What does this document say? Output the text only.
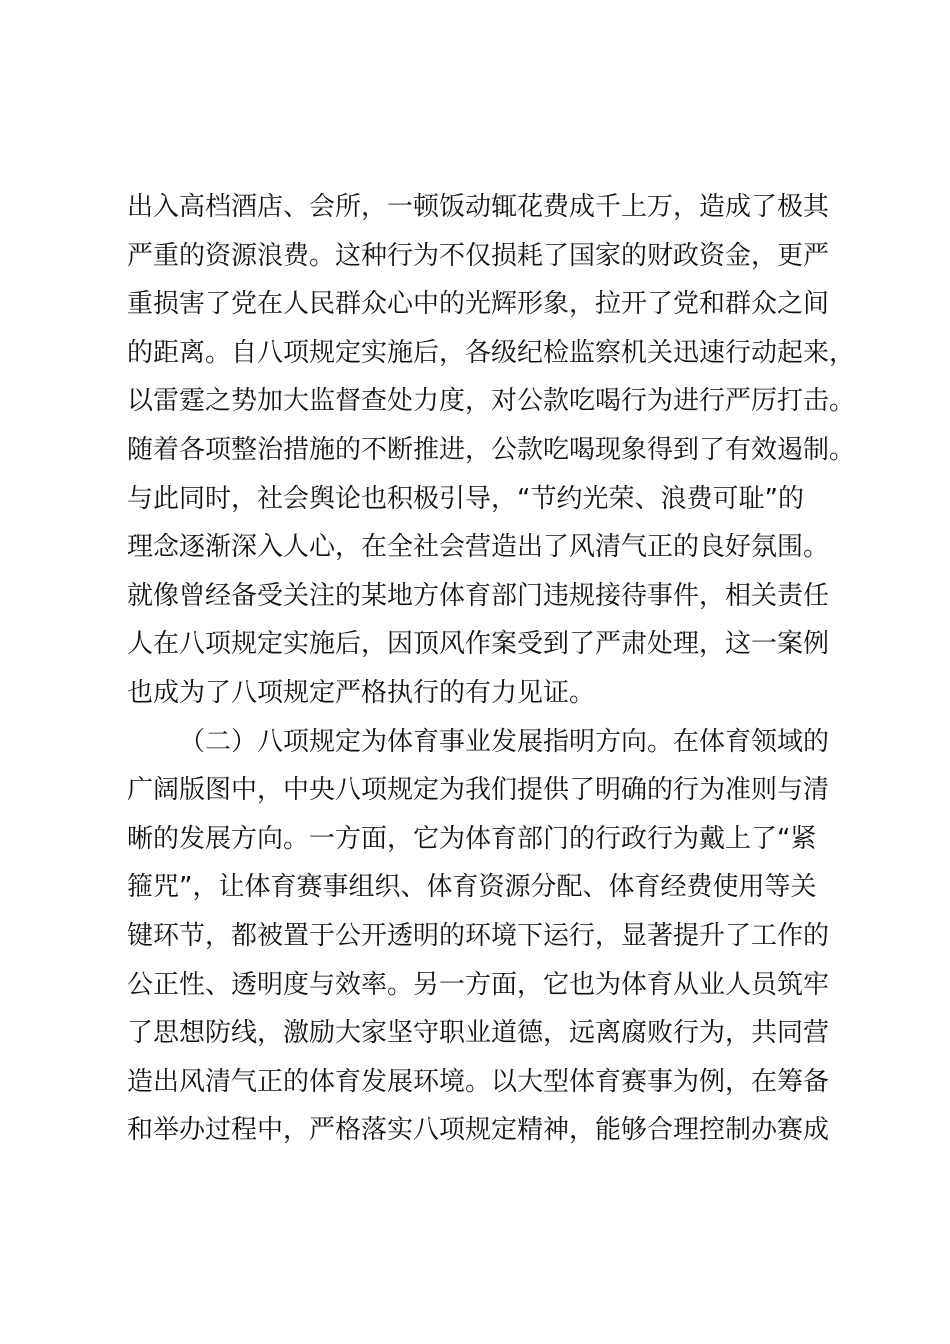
出入高档酒店、会所，一顿饭动辄花费成千上万，造成了极其
严重的资源浪费。这种行为不仅损耗了国家的财政资金，更严
重损害了党在人民群众心中的光辉形象，拉开了党和群众之间
的距离。自八项规定实施后，各级纪检监察机关迅速行动起来，
以雷霆之势加大监督查处力度，对公款吃喝行为进行严厉打击。
随着各项整治措施的不断推进，公款吃喝现象得到了有效遏制。
与此同时，社会舆论也积极引导，“节约光荣、浪费可耻”的
理念逐渐深入人心，在全社会营造出了风清气正的良好氛围。
就像曾经备受关注的某地方体育部门违规接待事件，相关责任
人在八项规定实施后，因顶风作案受到了严肃处理，这一案例
也成为了八项规定严格执行的有力见证。
（二）八项规定为体育事业发展指明方向。在体育领域的
广阔版图中，中央八项规定为我们提供了明确的行为准则与清
晰的发展方向。一方面，它为体育部门的行政行为戴上了“紧
箍咒”，让体育赛事组织、体育资源分配、体育经费使用等关
键环节，都被置于公开透明的环境下运行，显著提升了工作的
公正性、透明度与效率。另一方面，它也为体育从业人员筑牢
了思想防线，激励大家坚守职业道德，远离腐败行为，共同营
造出风清气正的体育发展环境。以大型体育赛事为例，在筹备
和举办过程中，严格落实八项规定精神，能够合理控制办赛成
